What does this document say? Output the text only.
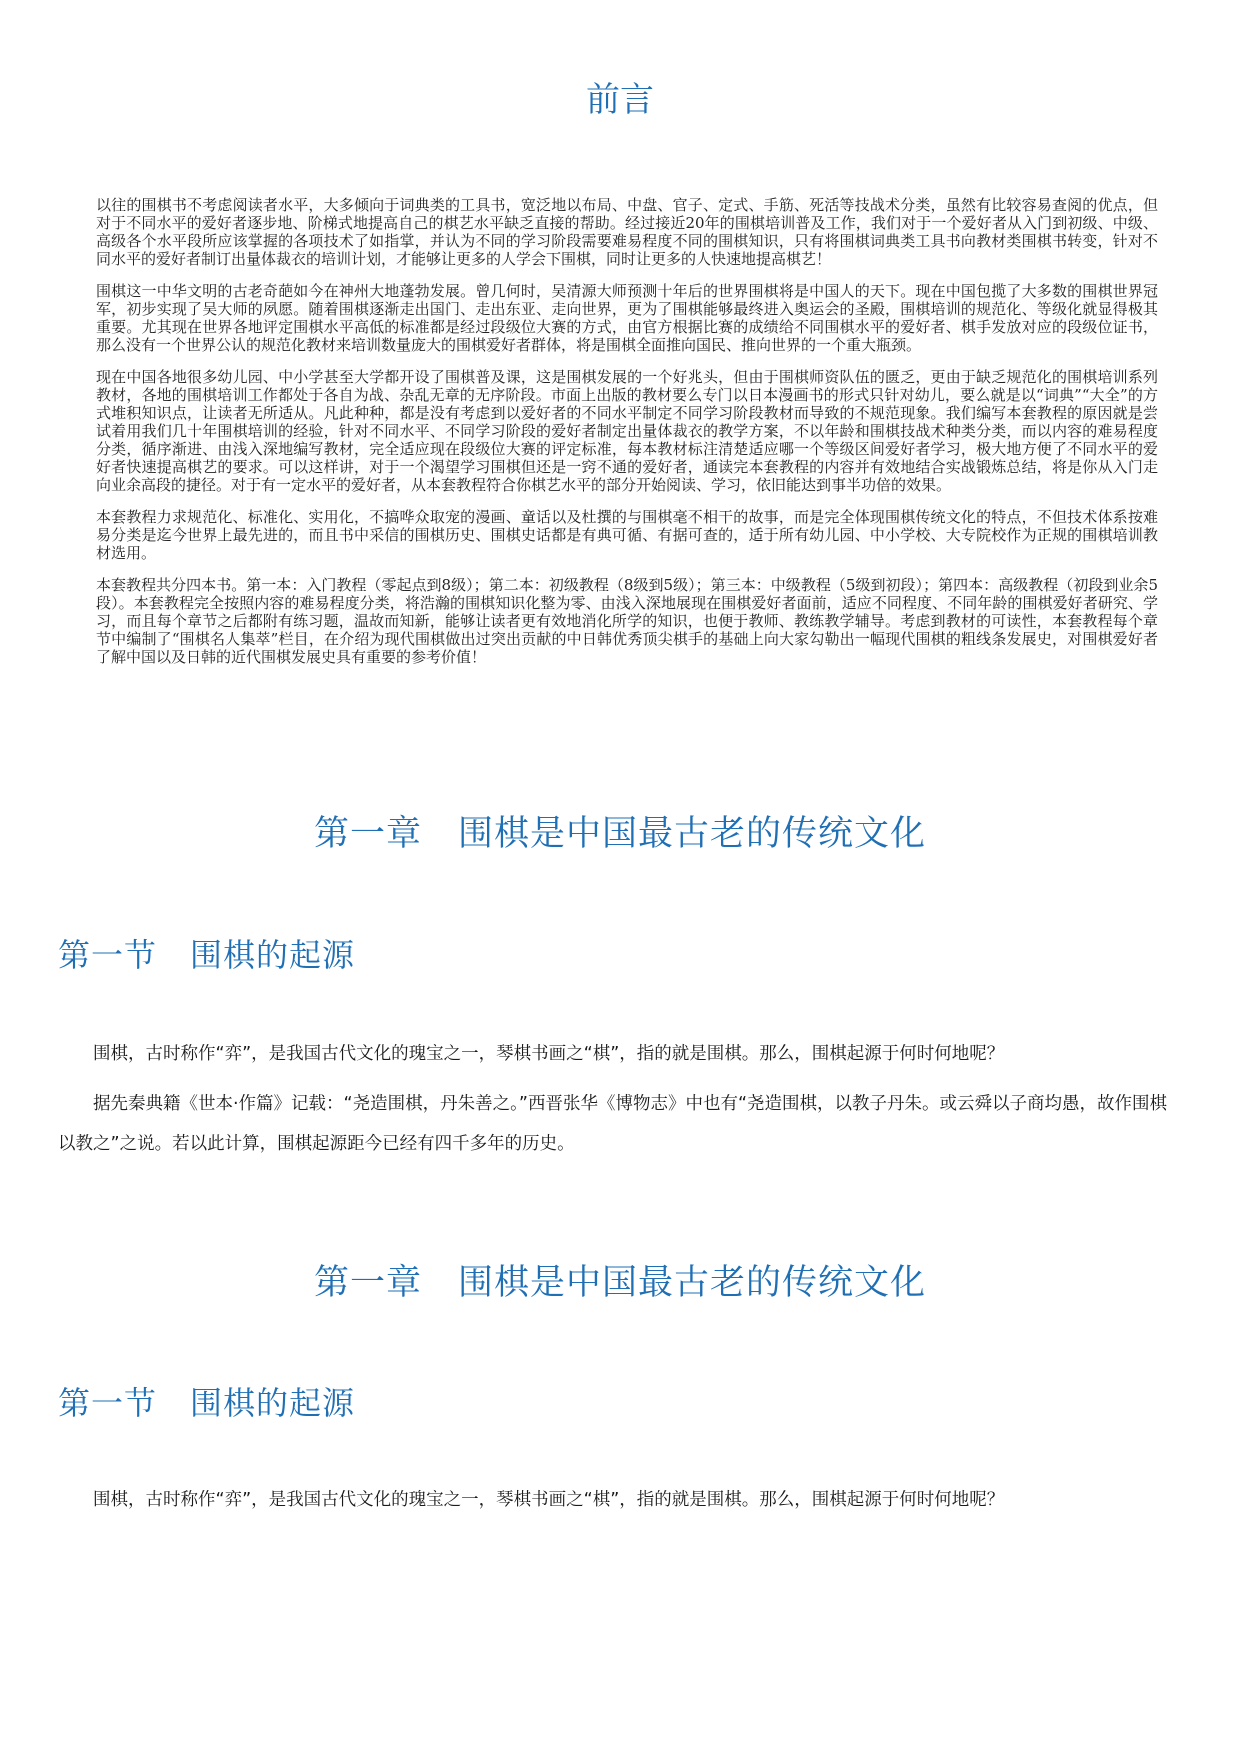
前言

以往的围棋书不考虑阅读者水平，大多倾向于词典类的工具书，宽泛地以布局、中盘、官子、定式、手筋、死活等技战术分类，虽然有比较容易查阅的优点，但对于不同水平的爱好者逐步地、阶梯式地提高自己的棋艺水平缺乏直接的帮助。经过接近20年的围棋培训普及工作，我们对于一个爱好者从入门到初级、中级、高级各个水平段所应该掌握的各项技术了如指掌，并认为不同的学习阶段需要难易程度不同的围棋知识，只有将围棋词典类工具书向教材类围棋书转变，针对不同水平的爱好者制订出量体裁衣的培训计划，才能够让更多的人学会下围棋，同时让更多的人快速地提高棋艺！

围棋这一中华文明的古老奇葩如今在神州大地蓬勃发展。曾几何时，吴清源大师预测十年后的世界围棋将是中国人的天下。现在中国包揽了大多数的围棋世界冠军，初步实现了吴大师的夙愿。随着围棋逐渐走出国门、走出东亚、走向世界，更为了围棋能够最终进入奥运会的圣殿，围棋培训的规范化、等级化就显得极其重要。尤其现在世界各地评定围棋水平高低的标准都是经过段级位大赛的方式，由官方根据比赛的成绩给不同围棋水平的爱好者、棋手发放对应的段级位证书，那么没有一个世界公认的规范化教材来培训数量庞大的围棋爱好者群体，将是围棋全面推向国民、推向世界的一个重大瓶颈。

现在中国各地很多幼儿园、中小学甚至大学都开设了围棋普及课，这是围棋发展的一个好兆头，但由于围棋师资队伍的匮乏，更由于缺乏规范化的围棋培训系列教材，各地的围棋培训工作都处于各自为战、杂乱无章的无序阶段。市面上出版的教材要么专门以日本漫画书的形式只针对幼儿，要么就是以“词典”“大全”的方式堆积知识点，让读者无所适从。凡此种种，都是没有考虑到以爱好者的不同水平制定不同学习阶段教材而导致的不规范现象。我们编写本套教程的原因就是尝试着用我们几十年围棋培训的经验，针对不同水平、不同学习阶段的爱好者制定出量体裁衣的教学方案，不以年龄和围棋技战术种类分类，而以内容的难易程度分类，循序渐进、由浅入深地编写教材，完全适应现在段级位大赛的评定标准，每本教材标注清楚适应哪一个等级区间爱好者学习，极大地方便了不同水平的爱好者快速提高棋艺的要求。可以这样讲，对于一个渴望学习围棋但还是一窍不通的爱好者，通读完本套教程的内容并有效地结合实战锻炼总结，将是你从入门走向业余高段的捷径。对于有一定水平的爱好者，从本套教程符合你棋艺水平的部分开始阅读、学习，依旧能达到事半功倍的效果。

本套教程力求规范化、标准化、实用化，不搞哗众取宠的漫画、童话以及杜撰的与围棋毫不相干的故事，而是完全体现围棋传统文化的特点，不但技术体系按难易分类是迄今世界上最先进的，而且书中采信的围棋历史、围棋史话都是有典可循、有据可查的，适于所有幼儿园、中小学校、大专院校作为正规的围棋培训教材选用。

本套教程共分四本书。第一本：入门教程（零起点到8级）；第二本：初级教程（8级到5级）；第三本：中级教程（5级到初段）；第四本：高级教程（初段到业余5段）。本套教程完全按照内容的难易程度分类，将浩瀚的围棋知识化整为零、由浅入深地展现在围棋爱好者面前，适应不同程度、不同年龄的围棋爱好者研究、学习，而且每个章节之后都附有练习题，温故而知新，能够让读者更有效地消化所学的知识，也便于教师、教练教学辅导。考虑到教材的可读性，本套教程每个章节中编制了“围棋名人集萃”栏目，在介绍为现代围棋做出过突出贡献的中日韩优秀顶尖棋手的基础上向大家勾勒出一幅现代围棋的粗线条发展史，对围棋爱好者了解中国以及日韩的近代围棋发展史具有重要的参考价值！

第一章　围棋是中国最古老的传统文化
第一节　围棋的起源

围棋，古时称作“弈”，是我国古代文化的瑰宝之一，琴棋书画之“棋”，指的就是围棋。那么，围棋起源于何时何地呢？

据先秦典籍《世本·作篇》记载：“尧造围棋，丹朱善之。”西晋张华《博物志》中也有“尧造围棋，以教子丹朱。或云舜以子商均愚，故作围棋以教之”之说。若以此计算，围棋起源距今已经有四千多年的历史。

第一章　围棋是中国最古老的传统文化
第一节　围棋的起源

围棋，古时称作“弈”，是我国古代文化的瑰宝之一，琴棋书画之“棋”，指的就是围棋。那么，围棋起源于何时何地呢？
